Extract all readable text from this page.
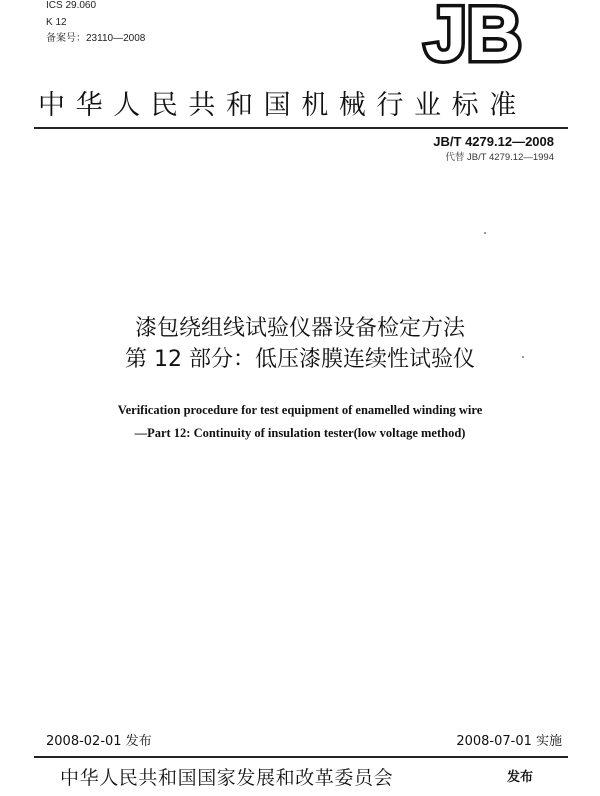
ICS 29.060
K 12
备案号：23110—2008	JB
中华人民共和国机械行业标准
JB/T 4279.12—2008
代替 JB/T 4279.12—1994
漆包绕组线试验仪器设备检定方法
第 12 部分：低压漆膜连续性试验仪
Verification procedure for test equipment of enamelled winding wire
—Part 12: Continuity of insulation tester(low voltage method)
2008-02-01 发布	2008-07-01 实施
中华人民共和国国家发展和改革委员会	发布
